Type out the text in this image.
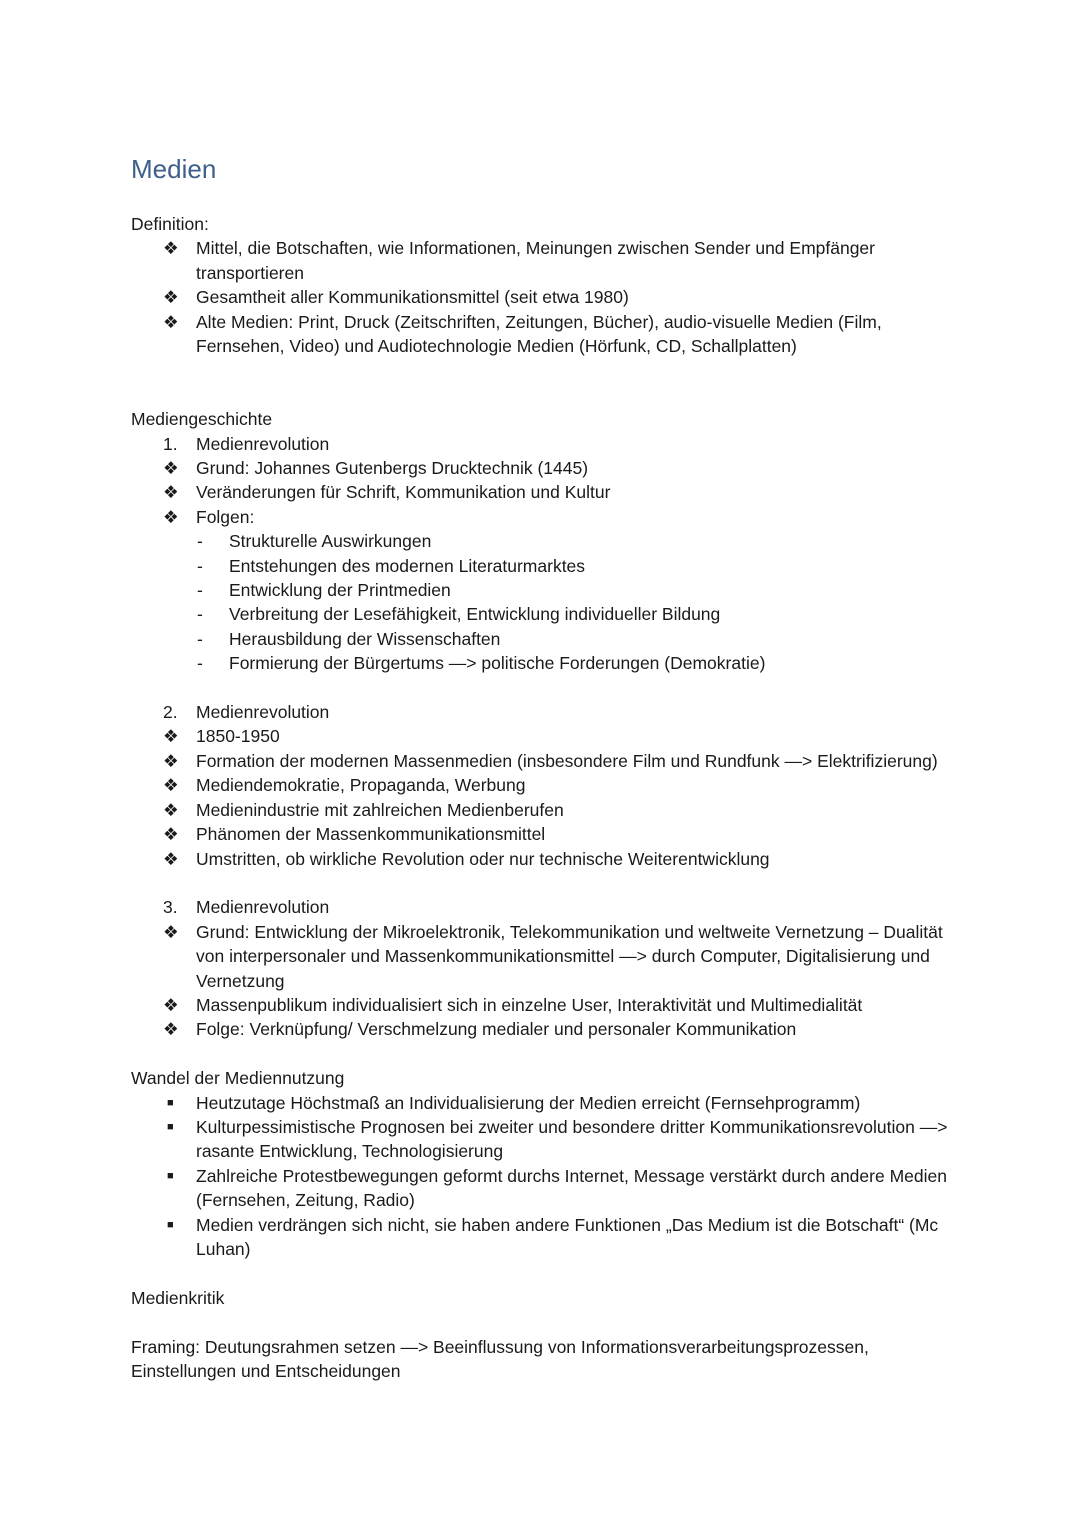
Medien

Definition:

❖ Mittel, die Botschaften, wie Informationen, Meinungen zwischen Sender und Empfänger transportieren
❖ Gesamtheit aller Kommunikationsmittel (seit etwa 1980)
❖ Alte Medien: Print, Druck (Zeitschriften, Zeitungen, Bücher), audio-visuelle Medien (Film, Fernsehen, Video) und Audiotechnologie Medien (Hörfunk, CD, Schallplatten)

Mediengeschichte

1.	Medienrevolution
❖ Grund: Johannes Gutenbergs Drucktechnik (1445)
❖ Veränderungen für Schrift, Kommunikation und Kultur
❖ Folgen:
-	Strukturelle Auswirkungen
-	Entstehungen des modernen Literaturmarktes
-	Entwicklung der Printmedien
-	Verbreitung der Lesefähigkeit, Entwicklung individueller Bildung
-	Herausbildung der Wissenschaften
-	Formierung der Bürgertums —> politische Forderungen (Demokratie)
2.	Medienrevolution
❖ 1850-1950
❖ Formation der modernen Massenmedien (insbesondere Film und Rundfunk —> Elektrifizierung)
❖ Mediendemokratie, Propaganda, Werbung
❖ Medienindustrie mit zahlreichen Medienberufen
❖ Phänomen der Massenkommunikationsmittel
❖ Umstritten, ob wirkliche Revolution oder nur technische Weiterentwicklung
3.	Medienrevolution
❖ Grund: Entwicklung der Mikroelektronik, Telekommunikation und weltweite Vernetzung – Dualität von interpersonaler und Massenkommunikationsmittel —> durch Computer, Digitalisierung und Vernetzung
❖ Massenpublikum individualisiert sich in einzelne User, Interaktivität und Multimedialität
❖ Folge: Verknüpfung/ Verschmelzung medialer und personaler Kommunikation

Wandel der Mediennutzung

■	Heutzutage Höchstmaß an Individualisierung der Medien erreicht (Fernsehprogramm)
■	Kulturpessimistische Prognosen bei zweiter und besondere dritter Kommunikationsrevolution —> rasante Entwicklung, Technologisierung
■	Zahlreiche Protestbewegungen geformt durchs Internet, Message verstärkt durch andere Medien (Fernsehen, Zeitung, Radio)
■	Medien verdrängen sich nicht, sie haben andere Funktionen „Das Medium ist die Botschaft“ (Mc Luhan)

Medienkritik

Framing: Deutungsrahmen setzen —> Beeinflussung von Informationsverarbeitungsprozessen, Einstellungen und Entscheidungen
